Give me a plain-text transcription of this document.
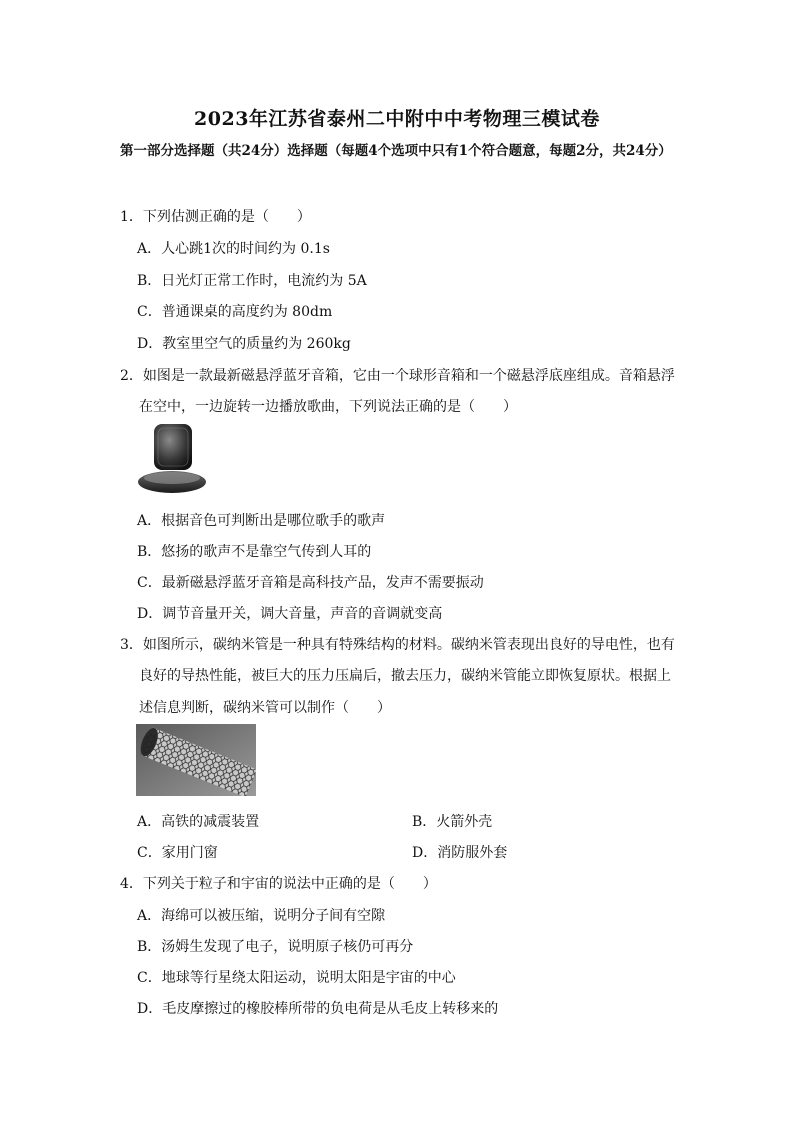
2023年江苏省泰州二中附中中考物理三模试卷
第一部分选择题（共24分）选择题（每题4个选项中只有1个符合题意，每题2分，共24分）
1．下列估测正确的是（　　）
A．人心跳1次的时间约为 0.1s
B．日光灯正常工作时，电流约为 5A
C．普通课桌的高度约为 80dm
D．教室里空气的质量约为 260kg
2．如图是一款最新磁悬浮蓝牙音箱，它由一个球形音箱和一个磁悬浮底座组成。音箱悬浮
在空中，一边旋转一边播放歌曲，下列说法正确的是（　　）
A．根据音色可判断出是哪位歌手的歌声
B．悠扬的歌声不是靠空气传到人耳的
C．最新磁悬浮蓝牙音箱是高科技产品，发声不需要振动
D．调节音量开关，调大音量，声音的音调就变高
3．如图所示，碳纳米管是一种具有特殊结构的材料。碳纳米管表现出良好的导电性，也有
良好的导热性能，被巨大的压力压扁后，撤去压力，碳纳米管能立即恢复原状。根据上
述信息判断，碳纳米管可以制作（　　）
A．高铁的减震装置	B．火箭外壳
C．家用门窗	D．消防服外套
4．下列关于粒子和宇宙的说法中正确的是（　　）
A．海绵可以被压缩，说明分子间有空隙
B．汤姆生发现了电子，说明原子核仍可再分
C．地球等行星绕太阳运动，说明太阳是宇宙的中心
D．毛皮摩擦过的橡胶棒所带的负电荷是从毛皮上转移来的
